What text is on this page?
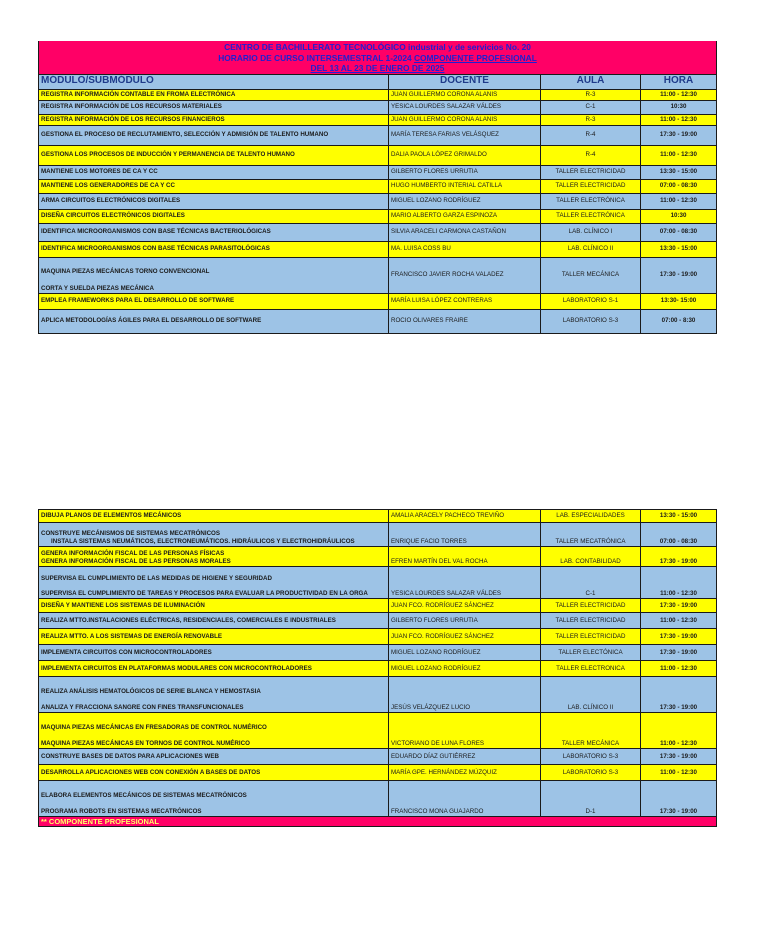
CENTRO DE BACHILLERATO TECNOLÓGICO industrial y de servicios No. 20			
HORARIO DE CURSO INTERSEMESTRAL 1-2024 COMPONENTE PROFESIONAL			
DEL 13 AL 23 DE ENERO DE 2025			
MÓDULO/SUBMÓDULO	DOCENTE	AULA	HORA

REGISTRA INFORMACIÓN CONTABLE EN FROMA ELECTRÓNICA	JUAN GUILLERMO CORONA ALANIS	R-3	11:00 - 12:30

REGISTRA INFORMACIÓN DE LOS RECURSOS MATERIALES	YESICA LOURDES SALAZAR VÁLDES	C-1	10:30

REGISTRA INFORMACIÓN DE LOS RECURSOS FINANCIEROS	JUAN GUILLERMO CORONA ALANIS	R-3	11:00 - 12:30

GESTIONA EL PROCESO DE RECLUTAMIENTO, SELECCIÓN Y ADMISIÓN DE TALENTO HUMANO	MARÍA TERESA FARIAS VELÁSQUEZ	R-4	17:30 - 19:00

GESTIONA LOS PROCESOS DE INDUCCIÓN Y PERMANENCIA DE TALENTO HUMANO	DALIA PAOLA LÓPEZ GRIMALDO	R-4	11:00 - 12:30

MANTIENE LOS MOTORES DE CA Y CC	GILBERTO FLORES URRUTIA	TALLER ELECTRICIDAD	13:30 - 15:00

MANTIENE LOS GENERADORES DE CA Y CC	HUGO HUMBERTO INTERIAL CATILLA	TALLER ELECTRICIDAD	07:00 - 08:30

ARMA CIRCUITOS ELECTRÓNICOS DIGITALES	MIGUEL LOZANO RODRÍGUEZ	TALLER ELECTRÓNICA	11:00 - 12:30

DISEÑA CIRCUITOS ELECTRÓNICOS DIGITALES	MARIO ALBERTO GARZA ESPINOZA	TALLER ELECTRÓNICA	10:30

IDENTIFICA MICROORGANISMOS CON BASE TÉCNICAS BACTERIOLÓGICAS	SILVIA ARACELI CARMONA CASTAÑON	LAB. CLÍNICO I	07:00 - 08:30

IDENTIFICA MICROORGANISMOS CON BASE TÉCNICAS PARASITOLÓGICAS	MA. LUISA COSS BU	LAB. CLÍNICO II	13:30 - 15:00

MAQUINA PIEZAS MECÁNICAS TORNO CONVENCIONAL
CORTA Y SUELDA PIEZAS MECÁNICA	FRANCISCO JAVIER ROCHA VALADEZ	TALLER MECÁNICA	17:30 - 19:00

EMPLEA FRAMEWORKS PARA EL DESARROLLO DE SOFTWARE	MARÍA LUISA LÓPEZ CONTRERAS	LABORATORIO S-1	13:30- 15:00

APLICA METODOLOGÍAS ÁGILES PARA EL DESARROLLO DE SOFTWARE	ROCIO OLIVARES FRAIRE	LABORATORIO S-3	07:00 - 8:30
DIBUJA PLANOS DE ELEMENTOS MECÁNICOS	AMALIA ARACELY PACHECO TREVIÑO	LAB. ESPECIALIDADES	13:30 - 15:00

CONSTRUYE MECÁNISMOS DE SISTEMAS MECATRÓNICOS
INSTALA SISTEMAS NEUMÁTICOS, ELECTRONEUMÁTICOS. HIDRÁULICOS Y ELECTROHIDRÁULICOS	ENRIQUE FACIO TORRES	TALLER MECATRÓNICA	07:00 - 08:30

GENERA INFORMACIÓN FISCAL DE LAS PERSONAS FÍSICAS
GENERA INFORMACIÓN FISCAL DE LAS PERSONAS MORALES	EFREN MARTÍN DEL VAL ROCHA	LAB. CONTABILIDAD	17:30 - 19:00

SUPERVISA EL CUMPLIMIENTO DE LAS MEDIDAS DE HIGIENE Y SEGURIDAD
SUPERVISA EL CUMPLIMIENTO DE TAREAS Y PROCESOS PARA EVALUAR LA PRODUCTIVIDAD EN LA ORGA	YESICA LOURDES SALAZAR VÁLDES	C-1	11:00 - 12:30

DISEÑA Y MANTIENE LOS SISTEMAS DE ILUMINACIÓN	JUAN FCO. RODRÍGUEZ SÁNCHEZ	TALLER ELECTRICIDAD	17:30 - 19:00

REALIZA MTTO.INSTALACIONES ELÉCTRICAS, RESIDENCIALES, COMERCIALES E INDUSTRIALES	GILBERTO FLORES URRUTIA	TALLER ELECTRICIDAD	11:00 - 12:30

REALIZA MTTO. A LOS SISTEMAS DE ENERGÍA RENOVABLE	JUAN FCO. RODRÍGUEZ SÁNCHEZ	TALLER ELECTRICIDAD	17:30 - 19:00

IMPLEMENTA CIRCUITOS CON MICROCONTROLADORES	MIGUEL LOZANO RODRÍGUEZ	TALLER ELECTÓNICA	17:30 - 19:00

IMPLEMENTA CIRCUITOS EN PLATAFORMAS MODULARES CON MICROCONTROLADORES	MIGUEL LOZANO RODRÍGUEZ	TALLER ELECTRONICA	11:00 - 12:30

REALIZA ANÁLISIS HEMATOLÓGICOS DE SERIE BLANCA Y HEMOSTASIA
ANALIZA Y FRACCIONA SANGRE CON FINES TRANSFUNCIONALES	JESÚS VELÁZQUEZ LUCIO	LAB. CLÍNICO II	17:30 - 19:00

MAQUINA PIEZAS MECÁNICAS EN FRESADORAS DE CONTROL NUMÉRICO
MAQUINA PIEZAS MECÁNICAS EN TORNOS DE CONTROL NUMÉRICO	VICTORIANO DE LUNA FLORES	TALLER MECÁNICA	11:00 - 12:30

CONSTRUYE BASES DE DATOS PARA APLICACIONES WEB	EDUARDO DÍAZ GUTIÉRREZ	LABORATORIO S-3	17:30 - 19:00

DESARROLLA APLICACIONES WEB CON CONEXIÓN A BASES DE DATOS	MARÍA GPE. HERNÁNDEZ MÚZQUIZ	LABORATORIO S-3	11:00 - 12:30

ELABORA ELEMENTOS MECÁNICOS DE SISTEMAS MECATRÓNICOS
PROGRAMA ROBOTS EN SISTEMAS MECATRÓNICOS	FRANCISCO MONA GUAJARDO	D-1	17:30 - 19:00
** COMPONENTE PROFESIONAL			
